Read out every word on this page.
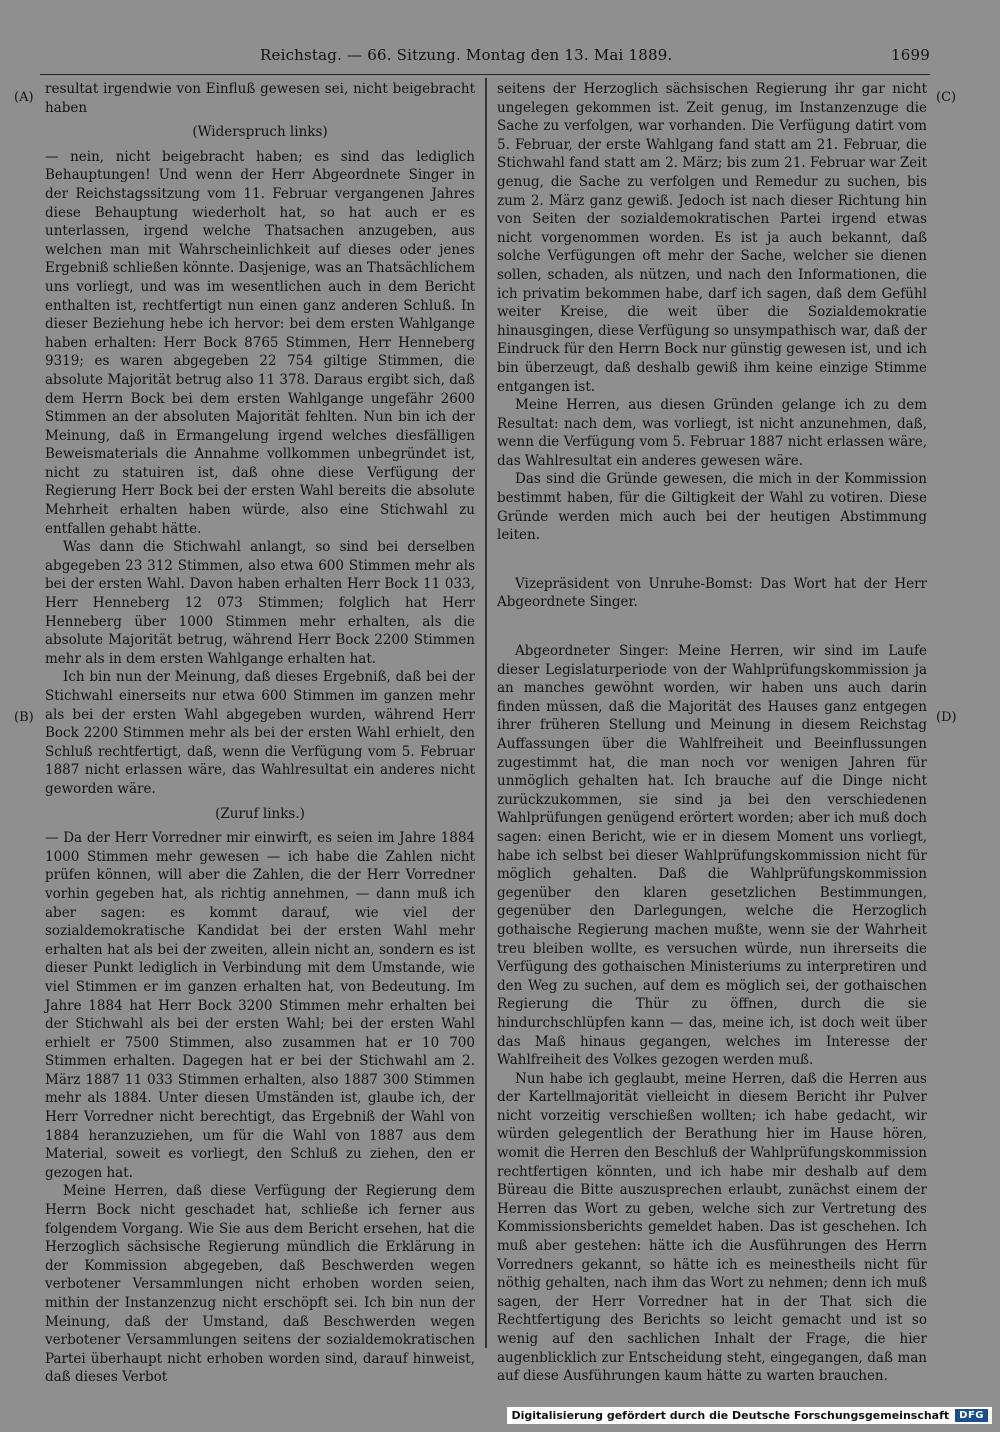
Reichstag. — 66. Sitzung. Montag den 13. Mai 1889.	1699
(A)
(B)
(C)
(D)

resultat irgendwie von Einfluß gewesen sei, nicht beigebracht haben

(Widerspruch links)

— nein, nicht beigebracht haben; es sind das lediglich Behauptungen! Und wenn der Herr Abgeordnete Singer in der Reichstagssitzung vom 11. Februar vergangenen Jahres diese Behauptung wiederholt hat, so hat auch er es unterlassen, irgend welche Thatsachen anzugeben, aus welchen man mit Wahrscheinlichkeit auf dieses oder jenes Ergebniß schließen könnte. Dasjenige, was an Thatsächlichem uns vorliegt, und was im wesentlichen auch in dem Bericht enthalten ist, rechtfertigt nun einen ganz anderen Schluß. In dieser Beziehung hebe ich hervor: bei dem ersten Wahlgange haben erhalten: Herr Bock 8765 Stimmen, Herr Henneberg 9319; es waren abgegeben 22 754 giltige Stimmen, die absolute Majorität betrug also 11 378. Daraus ergibt sich, daß dem Herrn Bock bei dem ersten Wahlgange ungefähr 2600 Stimmen an der absoluten Majorität fehlten. Nun bin ich der Meinung, daß in Ermangelung irgend welches diesfälligen Beweismaterials die Annahme vollkommen unbegründet ist, nicht zu statuiren ist, daß ohne diese Verfügung der Regierung Herr Bock bei der ersten Wahl bereits die absolute Mehrheit erhalten haben würde, also eine Stichwahl zu entfallen gehabt hätte.

Was dann die Stichwahl anlangt, so sind bei derselben abgegeben 23 312 Stimmen, also etwa 600 Stimmen mehr als bei der ersten Wahl. Davon haben erhalten Herr Bock 11 033, Herr Henneberg 12 073 Stimmen; folglich hat Herr Henneberg über 1000 Stimmen mehr erhalten, als die absolute Majorität betrug, während Herr Bock 2200 Stimmen mehr als in dem ersten Wahlgange erhalten hat.

Ich bin nun der Meinung, daß dieses Ergebniß, daß bei der Stichwahl einerseits nur etwa 600 Stimmen im ganzen mehr als bei der ersten Wahl abgegeben wurden, während Herr Bock 2200 Stimmen mehr als bei der ersten Wahl erhielt, den Schluß rechtfertigt, daß, wenn die Verfügung vom 5. Februar 1887 nicht erlassen wäre, das Wahlresultat ein anderes nicht geworden wäre.

(Zuruf links.)

— Da der Herr Vorredner mir einwirft, es seien im Jahre 1884 1000 Stimmen mehr gewesen — ich habe die Zahlen nicht prüfen können, will aber die Zahlen, die der Herr Vorredner vorhin gegeben hat, als richtig annehmen, — dann muß ich aber sagen: es kommt darauf, wie viel der sozialdemokratische Kandidat bei der ersten Wahl mehr erhalten hat als bei der zweiten, allein nicht an, sondern es ist dieser Punkt lediglich in Verbindung mit dem Umstande, wie viel Stimmen er im ganzen erhalten hat, von Bedeutung. Im Jahre 1884 hat Herr Bock 3200 Stimmen mehr erhalten bei der Stichwahl als bei der ersten Wahl; bei der ersten Wahl erhielt er 7500 Stimmen, also zusammen hat er 10 700 Stimmen erhalten. Dagegen hat er bei der Stichwahl am 2. März 1887 11 033 Stimmen erhalten, also 1887 300 Stimmen mehr als 1884. Unter diesen Umständen ist, glaube ich, der Herr Vorredner nicht berechtigt, das Ergebniß der Wahl von 1884 heranzuziehen, um für die Wahl von 1887 aus dem Material, soweit es vorliegt, den Schluß zu ziehen, den er gezogen hat.

Meine Herren, daß diese Verfügung der Regierung dem Herrn Bock nicht geschadet hat, schließe ich ferner aus folgendem Vorgang. Wie Sie aus dem Bericht ersehen, hat die Herzoglich sächsische Regierung mündlich die Erklärung in der Kommission abgegeben, daß Beschwerden wegen verbotener Versammlungen nicht erhoben worden seien, mithin der Instanzenzug nicht erschöpft sei. Ich bin nun der Meinung, daß der Umstand, daß Beschwerden wegen verbotener Versammlungen seitens der sozialdemokratischen Partei überhaupt nicht erhoben worden sind, darauf hinweist, daß dieses Verbot

seitens der Herzoglich sächsischen Regierung ihr gar nicht ungelegen gekommen ist. Zeit genug, im Instanzenzuge die Sache zu verfolgen, war vorhanden. Die Verfügung datirt vom 5. Februar, der erste Wahlgang fand statt am 21. Februar, die Stichwahl fand statt am 2. März; bis zum 21. Februar war Zeit genug, die Sache zu verfolgen und Remedur zu suchen, bis zum 2. März ganz gewiß. Jedoch ist nach dieser Richtung hin von Seiten der sozialdemokratischen Partei irgend etwas nicht vorgenommen worden. Es ist ja auch bekannt, daß solche Verfügungen oft mehr der Sache, welcher sie dienen sollen, schaden, als nützen, und nach den Informationen, die ich privatim bekommen habe, darf ich sagen, daß dem Gefühl weiter Kreise, die weit über die Sozialdemokratie hinausgingen, diese Verfügung so unsympathisch war, daß der Eindruck für den Herrn Bock nur günstig gewesen ist, und ich bin überzeugt, daß deshalb gewiß ihm keine einzige Stimme entgangen ist.

Meine Herren, aus diesen Gründen gelange ich zu dem Resultat: nach dem, was vorliegt, ist nicht anzunehmen, daß, wenn die Verfügung vom 5. Februar 1887 nicht erlassen wäre, das Wahlresultat ein anderes gewesen wäre.

Das sind die Gründe gewesen, die mich in der Kommission bestimmt haben, für die Giltigkeit der Wahl zu votiren. Diese Gründe werden mich auch bei der heutigen Abstimmung leiten.

Vizepräsident von Unruhe-Bomst: Das Wort hat der Herr Abgeordnete Singer.

Abgeordneter Singer: Meine Herren, wir sind im Laufe dieser Legislaturperiode von der Wahlprüfungskommission ja an manches gewöhnt worden, wir haben uns auch darin finden müssen, daß die Majorität des Hauses ganz entgegen ihrer früheren Stellung und Meinung in diesem Reichstag Auffassungen über die Wahlfreiheit und Beeinflussungen zugestimmt hat, die man noch vor wenigen Jahren für unmöglich gehalten hat. Ich brauche auf die Dinge nicht zurückzukommen, sie sind ja bei den verschiedenen Wahlprüfungen genügend erörtert worden; aber ich muß doch sagen: einen Bericht, wie er in diesem Moment uns vorliegt, habe ich selbst bei dieser Wahlprüfungskommission nicht für möglich gehalten. Daß die Wahlprüfungskommission gegenüber den klaren gesetzlichen Bestimmungen, gegenüber den Darlegungen, welche die Herzoglich gothaische Regierung machen mußte, wenn sie der Wahrheit treu bleiben wollte, es versuchen würde, nun ihrerseits die Verfügung des gothaischen Ministeriums zu interpretiren und den Weg zu suchen, auf dem es möglich sei, der gothaischen Regierung die Thür zu öffnen, durch die sie hindurchschlüpfen kann — das, meine ich, ist doch weit über das Maß hinaus gegangen, welches im Interesse der Wahlfreiheit des Volkes gezogen werden muß.

Nun habe ich geglaubt, meine Herren, daß die Herren aus der Kartellmajorität vielleicht in diesem Bericht ihr Pulver nicht vorzeitig verschießen wollten; ich habe gedacht, wir würden gelegentlich der Berathung hier im Hause hören, womit die Herren den Beschluß der Wahlprüfungskommission rechtfertigen könnten, und ich habe mir deshalb auf dem Büreau die Bitte auszusprechen erlaubt, zunächst einem der Herren das Wort zu geben, welche sich zur Vertretung des Kommissionsberichts gemeldet haben. Das ist geschehen. Ich muß aber gestehen: hätte ich die Ausführungen des Herrn Vorredners gekannt, so hätte ich es meinestheils nicht für nöthig gehalten, nach ihm das Wort zu nehmen; denn ich muß sagen, der Herr Vorredner hat in der That sich die Rechtfertigung des Berichts so leicht gemacht und ist so wenig auf den sachlichen Inhalt der Frage, die hier augenblicklich zur Entscheidung steht, eingegangen, daß man auf diese Ausführungen kaum hätte zu warten brauchen.

Digitalisierung gefördert durch die Deutsche Forschungsgemeinschaft	DFG
